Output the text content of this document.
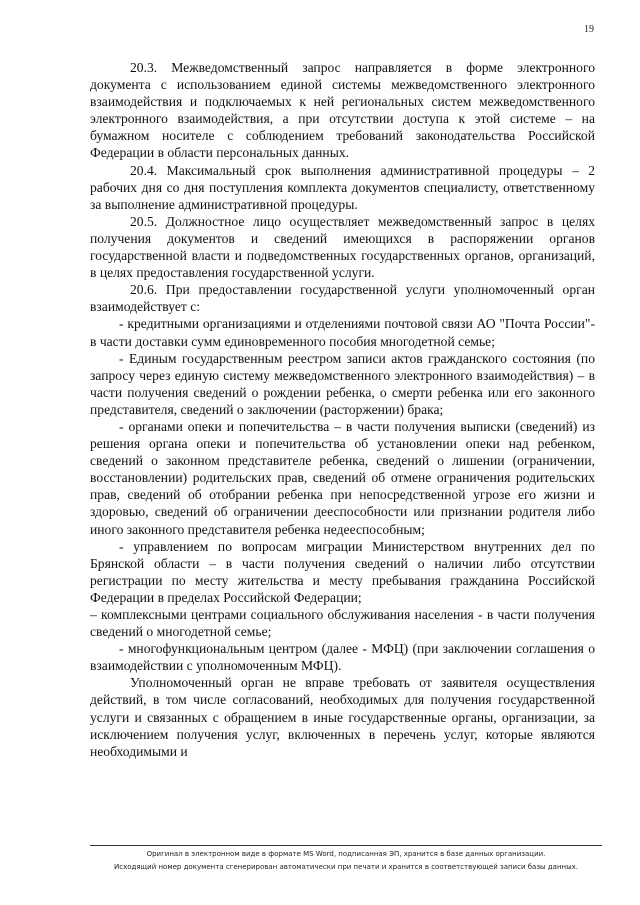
19

20.3. Межведомственный запрос направляется в форме электронного документа с использованием единой системы межведомственного электронного взаимодействия и подключаемых к ней региональных систем межведомственного электронного взаимодействия, а при отсутствии доступа к этой системе – на бумажном носителе с соблюдением требований законодательства Российской Федерации в области персональных данных.

20.4. Максимальный срок выполнения административной процедуры – 2 рабочих дня со дня поступления комплекта документов специалисту, ответственному за выполнение административной процедуры.

20.5. Должностное лицо осуществляет межведомственный запрос в целях получения документов и сведений имеющихся в распоряжении органов государственной власти и подведомственных государственных органов, организаций, в целях предоставления государственной услуги.

20.6. При предоставлении государственной услуги уполномоченный орган взаимодействует с:

- кредитными организациями и отделениями почтовой связи АО "Почта России"- в части доставки сумм единовременного пособия многодетной семье;

- Единым государственным реестром записи актов гражданского состояния (по запросу через единую систему межведомственного электронного взаимодействия) – в части получения сведений о рождении ребенка, о смерти ребенка или его законного представителя, сведений о заключении (расторжении) брака;

- органами опеки и попечительства – в части получения выписки (сведений) из решения органа опеки и попечительства об установлении опеки над ребенком, сведений о законном представителе ребенка, сведений о лишении (ограничении, восстановлении) родительских прав, сведений об отмене ограничения родительских прав, сведений об отобрании ребенка при непосредственной угрозе его жизни и здоровью, сведений об ограничении дееспособности или признании родителя либо иного законного представителя ребенка недееспособным;

- управлением по вопросам миграции Министерством внутренних дел по Брянской области – в части получения сведений о наличии либо отсутствии регистрации по месту жительства и месту пребывания гражданина Российской Федерации в пределах Российской Федерации;

– комплексными центрами социального обслуживания населения - в части получения сведений о многодетной семье;

- многофункциональным центром (далее - МФЦ) (при заключении соглашения о взаимодействии с уполномоченным МФЦ).

Уполномоченный орган не вправе требовать от заявителя осуществления действий, в том числе согласований, необходимых для получения государственной услуги и связанных с обращением в иные государственные органы, организации, за исключением получения услуг, включенных в перечень услуг, которые являются необходимыми и

Оригинал в электронном виде в формате MS Word, подписанная ЭП, хранится в базе данных организации.
Исходящий номер документа сгенерирован автоматически при печати и хранится в соответствующей записи базы данных.
